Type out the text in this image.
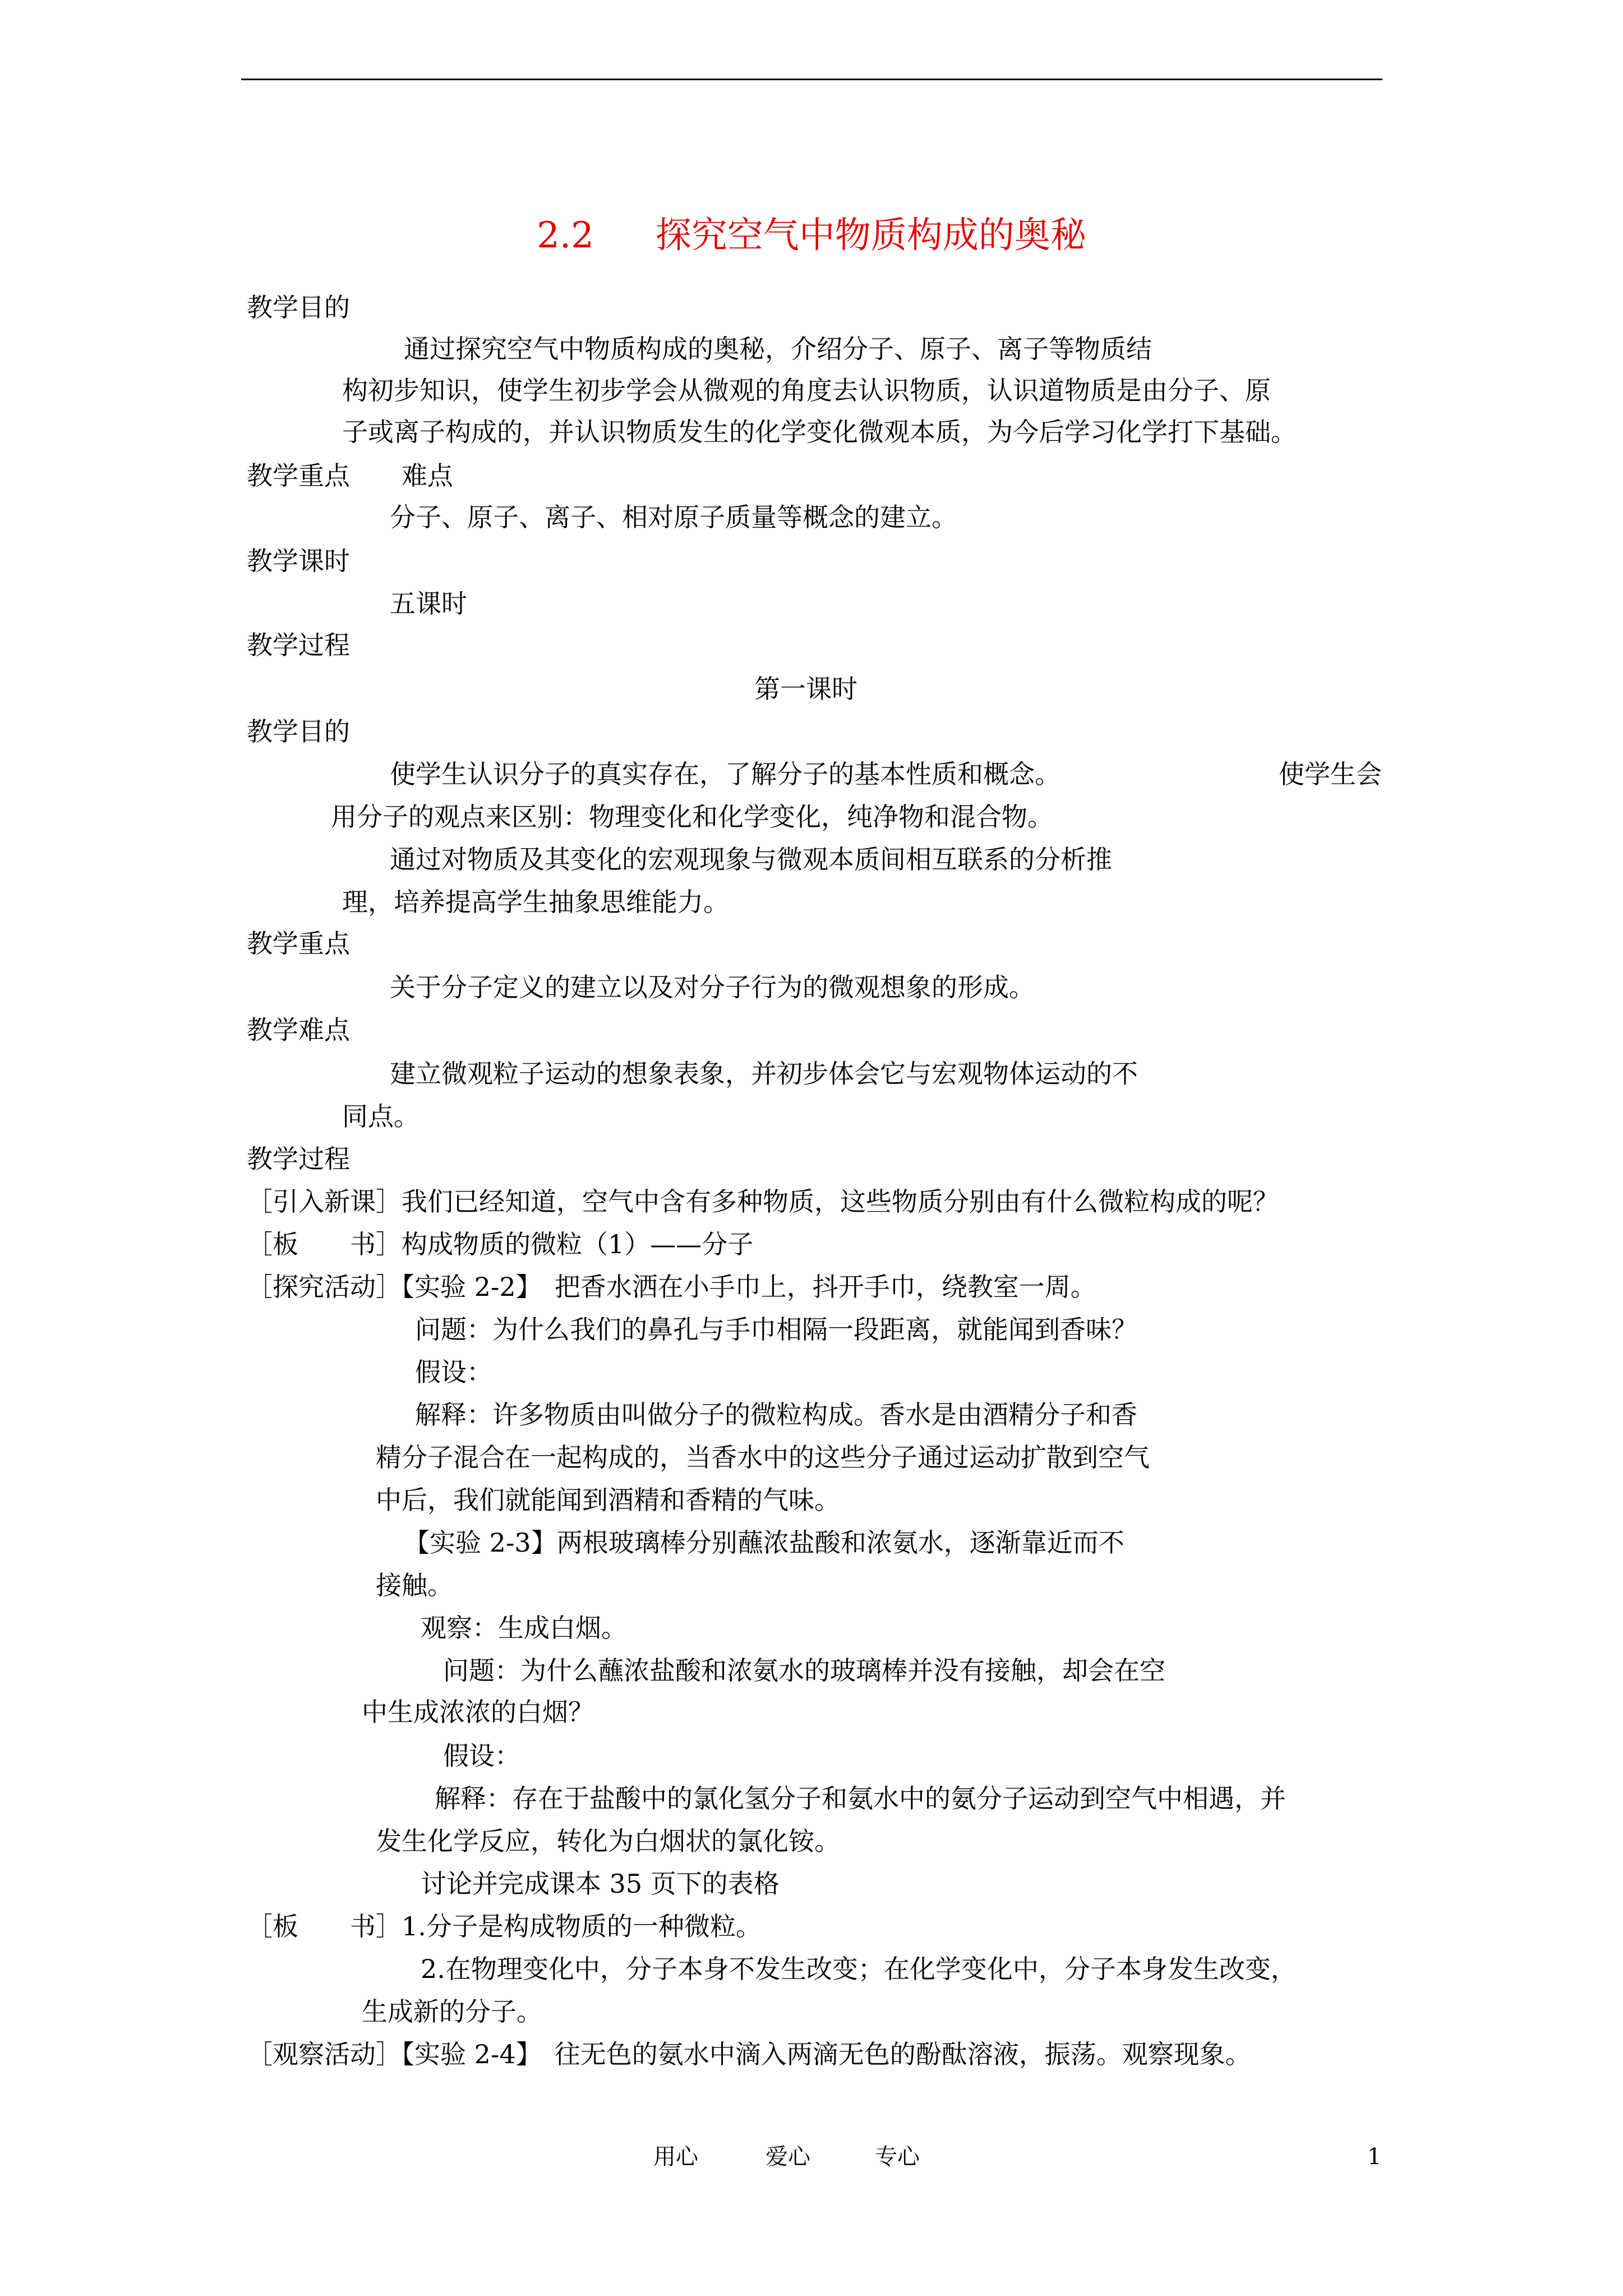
2.2 探究空气中物质构成的奥秘
教学目的
通过探究空气中物质构成的奥秘，介绍分子、原子、离子等物质结
构初步知识，使学生初步学会从微观的角度去认识物质，认识道物质是由分子、原
子或离子构成的，并认识物质发生的化学变化微观本质，为今后学习化学打下基础。
教学重点　　难点
分子、原子、离子、相对原子质量等概念的建立。
教学课时
五课时
教学过程
第一课时
教学目的
使学生认识分子的真实存在，了解分子的基本性质和概念。	使学生会
用分子的观点来区别：物理变化和化学变化，纯净物和混合物。
通过对物质及其变化的宏观现象与微观本质间相互联系的分析推
理，培养提高学生抽象思维能力。
教学重点
关于分子定义的建立以及对分子行为的微观想象的形成。
教学难点
建立微观粒子运动的想象表象，并初步体会它与宏观物体运动的不
同点。
教学过程
［引入新课］我们已经知道，空气中含有多种物质，这些物质分别由有什么微粒构成的呢？
［板　　书］构成物质的微粒（1）——分子
［探究活动］【实验 2-2】　把香水洒在小手巾上，抖开手巾，绕教室一周。
问题：为什么我们的鼻孔与手巾相隔一段距离，就能闻到香味？
假设：
解释：许多物质由叫做分子的微粒构成。香水是由酒精分子和香
精分子混合在一起构成的，当香水中的这些分子通过运动扩散到空气
中后，我们就能闻到酒精和香精的气味。
【实验 2-3】两根玻璃棒分别蘸浓盐酸和浓氨水，逐渐靠近而不
接触。
观察：生成白烟。
问题：为什么蘸浓盐酸和浓氨水的玻璃棒并没有接触，却会在空
中生成浓浓的白烟？
假设：
解释：存在于盐酸中的氯化氢分子和氨水中的氨分子运动到空气中相遇，并
发生化学反应，转化为白烟状的氯化铵。
讨论并完成课本 35 页下的表格
［板　　书］1.分子是构成物质的一种微粒。
2.在物理变化中，分子本身不发生改变；在化学变化中，分子本身发生改变，
生成新的分子。
［观察活动］【实验 2-4】　往无色的氨水中滴入两滴无色的酚酞溶液，振荡。观察现象。
用心	爱心	专心	1
